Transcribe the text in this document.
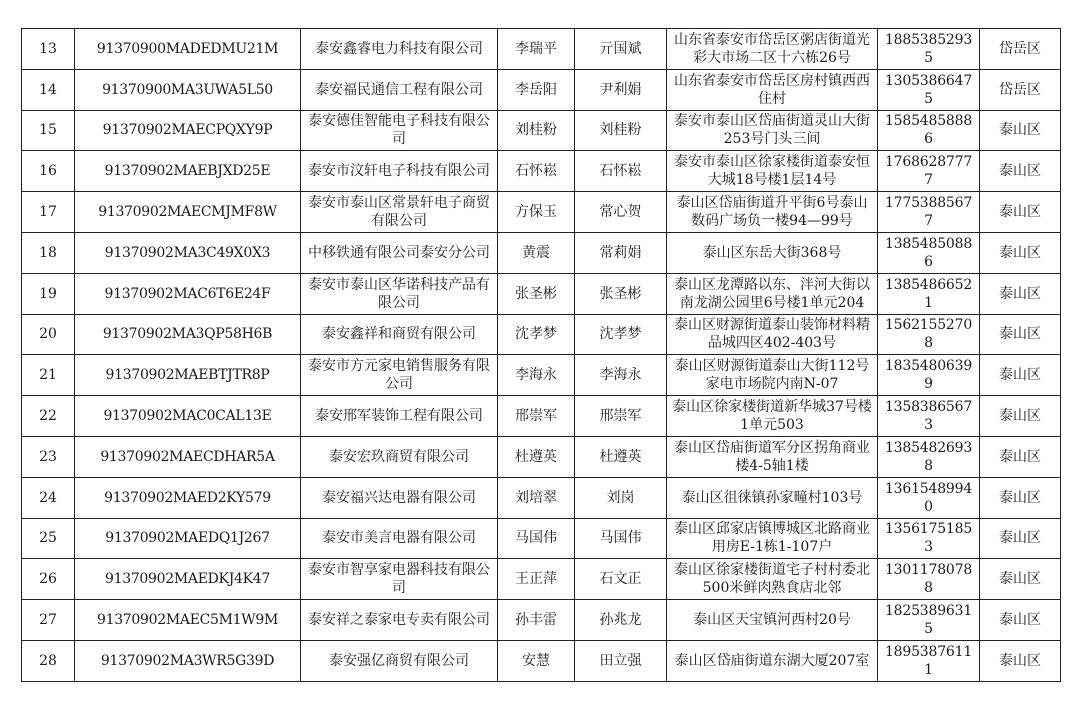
13	91370900MADEDMU21M	泰安鑫睿电力科技有限公司	李瑞平	亓国斌	山东省泰安市岱岳区粥店街道光彩大市场二区十六栋26号	18853852935	岱岳区
14	91370900MA3UWA5L50	泰安福民通信工程有限公司	李岳阳	尹利娟	山东省泰安市岱岳区房村镇西西住村	13053866475	岱岳区
15	91370902MAECPQXY9P	泰安德佳智能电子科技有限公司	刘桂粉	刘桂粉	泰安市泰山区岱庙街道灵山大街253号门头三间	15854858886	泰山区
16	91370902MAEBJXD25E	泰安市汶轩电子科技有限公司	石怀崧	石怀崧	泰安市泰山区徐家楼街道泰安恒大城18号楼1层14号	17686287777	泰山区
17	91370902MAECMJMF8W	泰安市泰山区常景轩电子商贸有限公司	方保玉	常心贺	泰山区岱庙街道升平街6号泰山数码广场负一楼94—99号	17753885677	泰山区
18	91370902MA3C49X0X3	中移铁通有限公司泰安分公司	黄震	常莉娟	泰山区东岳大街368号	13854850886	泰山区
19	91370902MAC6T6E24F	泰安市泰山区华诺科技产品有限公司	张圣彬	张圣彬	泰山区龙潭路以东、泮河大街以南龙湖公园里6号楼1单元204	13854866521	泰山区
20	91370902MA3QP58H6B	泰安鑫祥和商贸有限公司	沈孝梦	沈孝梦	泰山区财源街道泰山装饰材料精品城四区402-403号	15621552708	泰山区
21	91370902MAEBTJTR8P	泰安市方元家电销售服务有限公司	李海永	李海永	泰山区财源街道泰山大街112号家电市场院内南N-07	18354806399	泰山区
22	91370902MAC0CAL13E	泰安邢军装饰工程有限公司	邢崇军	邢崇军	泰山区徐家楼街道新华城37号楼1单元503	13583865673	泰山区
23	91370902MAECDHAR5A	泰安宏玖商贸有限公司	杜遵英	杜遵英	泰山区岱庙街道军分区拐角商业楼4-5轴1楼	13854826938	泰山区
24	91370902MAED2KY579	泰安福兴达电器有限公司	刘培翠	刘岗	泰山区徂徕镇孙家疃村103号	13615489940	泰山区
25	91370902MAEDQ1J267	泰安市美言电器有限公司	马国伟	马国伟	泰山区邱家店镇博城区北路商业用房E-1栋1-107户	13561751853	泰山区
26	91370902MAEDKJ4K47	泰安市智享家电器科技有限公司	王正萍	石文正	泰山区徐家楼街道宅子村村委北500米鲜肉熟食店北邻	13011780788	泰山区
27	91370902MAEC5M1W9M	泰安祥之泰家电专卖有限公司	孙丰雷	孙兆龙	泰山区天宝镇河西村20号	18253896315	泰山区
28	91370902MA3WR5G39D	泰安强亿商贸有限公司	安慧	田立强	泰山区岱庙街道东湖大厦207室	18953876111	泰山区
